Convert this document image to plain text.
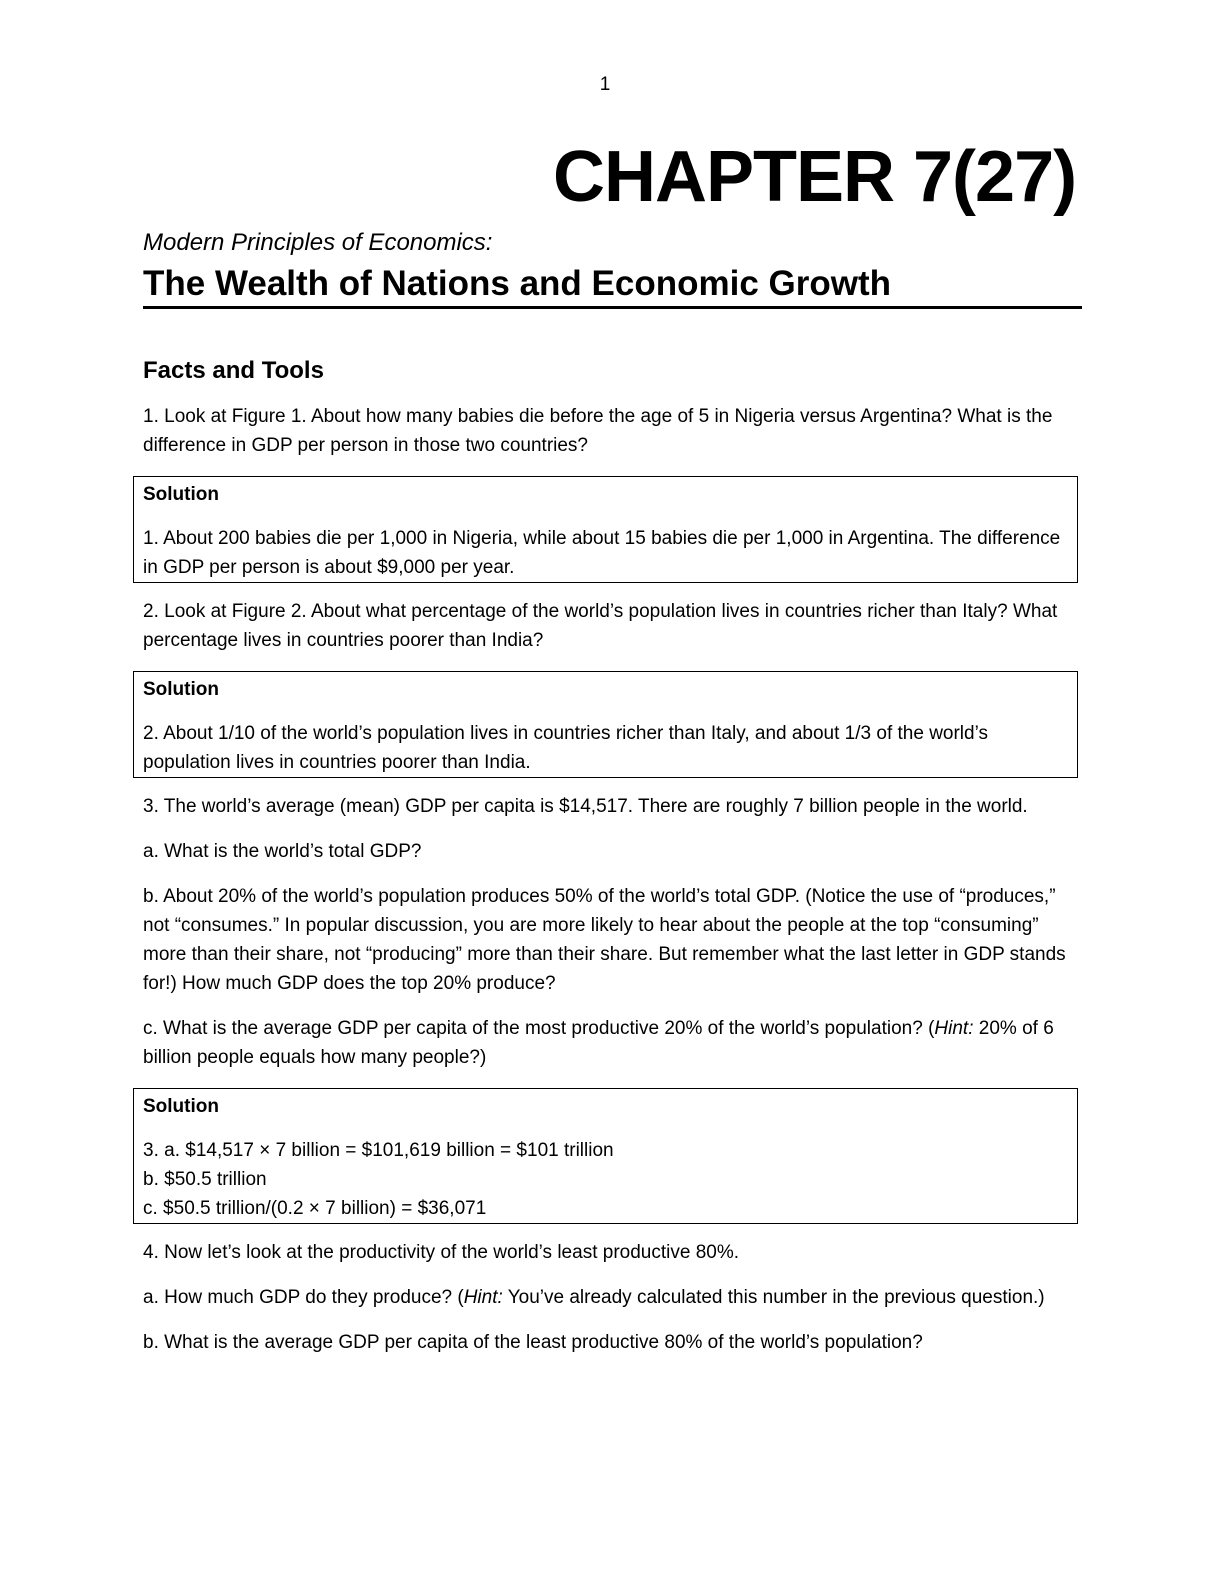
1
CHAPTER 7(27)
Modern Principles of Economics:
The Wealth of Nations and Economic Growth
Facts and Tools

1. Look at Figure 1. About how many babies die before the age of 5 in Nigeria versus Argentina? What is the difference in GDP per person in those two countries?

Solution

1. About 200 babies die per 1,000 in Nigeria, while about 15 babies die per 1,000 in Argentina. The difference in GDP per person is about $9,000 per year.

2. Look at Figure 2. About what percentage of the world’s population lives in countries richer than Italy? What percentage lives in countries poorer than India?

Solution

2. About 1/10 of the world’s population lives in countries richer than Italy, and about 1/3 of the world’s population lives in countries poorer than India.

3. The world’s average (mean) GDP per capita is $14,517. There are roughly 7 billion people in the world.

a. What is the world’s total GDP?

b. About 20% of the world’s population produces 50% of the world’s total GDP. (Notice the use of “produces,” not “consumes.” In popular discussion, you are more likely to hear about the people at the top “consuming” more than their share, not “producing” more than their share. But remember what the last letter in GDP stands for!) How much GDP does the top 20% produce?

c. What is the average GDP per capita of the most productive 20% of the world’s population? (Hint: 20% of 6 billion people equals how many people?)

Solution

3. a. $14,517 × 7 billion = $101,619 billion = $101 trillion
b. $50.5 trillion
c. $50.5 trillion/(0.2 × 7 billion) = $36,071

4. Now let’s look at the productivity of the world’s least productive 80%.

a. How much GDP do they produce? (Hint: You’ve already calculated this number in the previous question.)

b. What is the average GDP per capita of the least productive 80% of the world’s population?
